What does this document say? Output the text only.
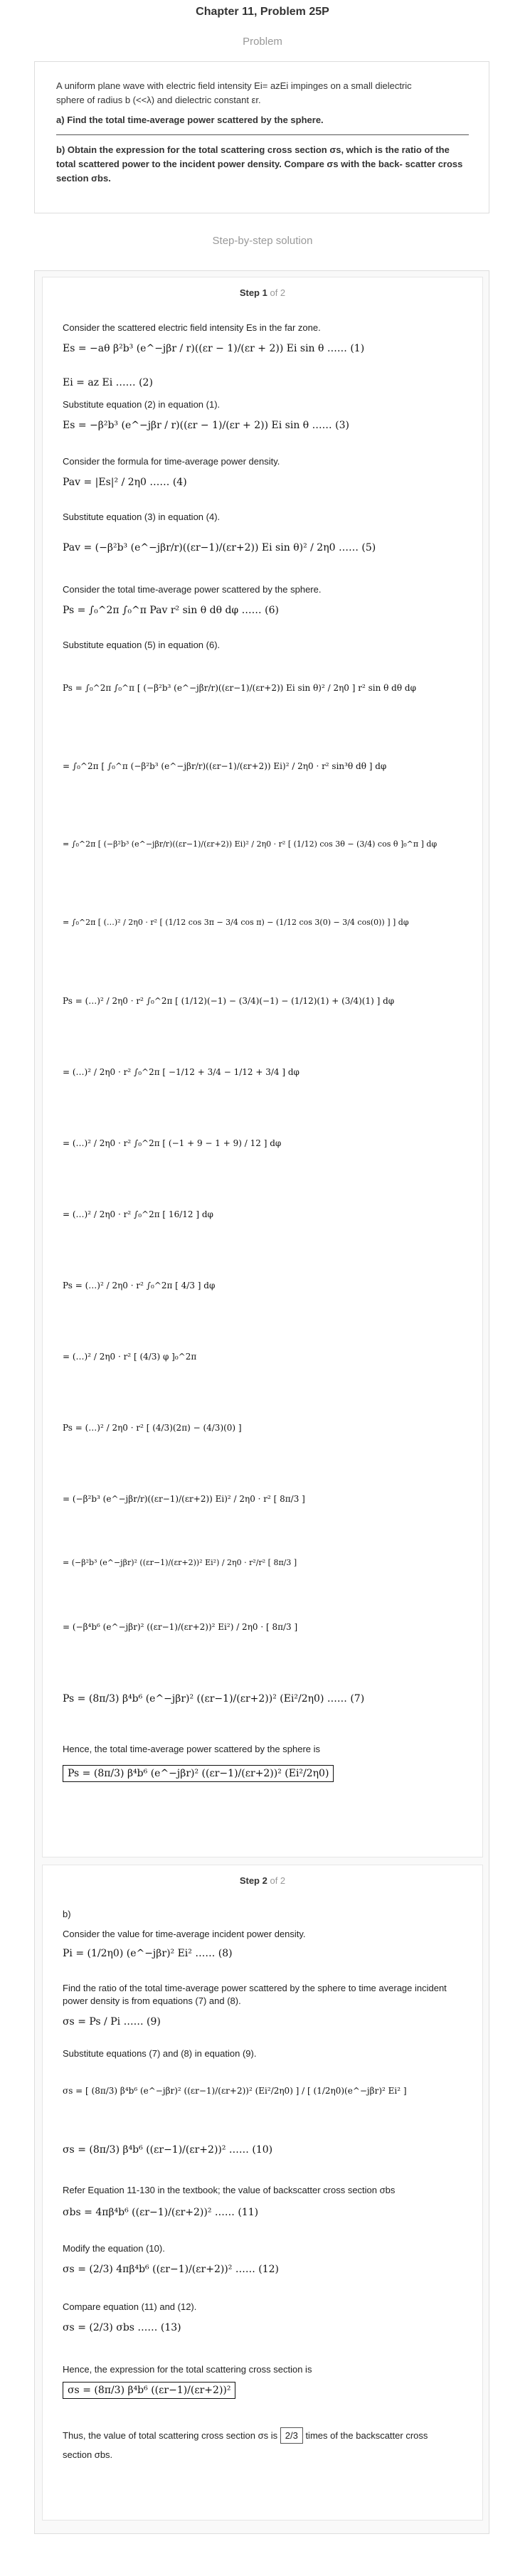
Chapter 11, Problem 25P
Problem
A uniform plane wave with electric field intensity Ei= azEi impinges on a small dielectric
sphere of radius b (<<λ) and dielectric constant εr.
a) Find the total time-average power scattered by the sphere.
b) Obtain the expression for the total scattering cross section σs, which is the ratio of the
total scattered power to the incident power density. Compare σs with the back- scatter cross
section σbs.
Step-by-step solution
Step 1 of 2
Consider the scattered electric field intensity Es in the far zone.
Es = −aθ β²b³ (e^−jβr / r)((εr − 1)/(εr + 2)) Ei sin θ …… (1)
Ei = az Ei …… (2)
Substitute equation (2) in equation (1).
Es = −β²b³ (e^−jβr / r)((εr − 1)/(εr + 2)) Ei sin θ …… (3)
Consider the formula for time-average power density.
Pav = |Es|² / 2η0 …… (4)
Substitute equation (3) in equation (4).
Pav = (−β²b³ (e^−jβr/r)((εr−1)/(εr+2)) Ei sin θ)² / 2η0 …… (5)
Consider the total time-average power scattered by the sphere.
Ps = ∫₀^2π ∫₀^π Pav r² sin θ dθ dφ …… (6)
Substitute equation (5) in equation (6).
Ps = ∫₀^2π ∫₀^π [ (−β²b³ (e^−jβr/r)((εr−1)/(εr+2)) Ei sin θ)² / 2η0 ] r² sin θ dθ dφ
= ∫₀^2π [ ∫₀^π (−β²b³ (e^−jβr/r)((εr−1)/(εr+2)) Ei)² / 2η0 · r² sin³θ dθ ] dφ
= ∫₀^2π [ (−β²b³ (e^−jβr/r)((εr−1)/(εr+2)) Ei)² / 2η0 · r² [ (1/12) cos 3θ − (3/4) cos θ ]₀^π ] dφ
= ∫₀^2π [ (…)² / 2η0 · r² [ (1/12 cos 3π − 3/4 cos π) − (1/12 cos 3(0) − 3/4 cos(0)) ] ] dφ
Ps = (…)² / 2η0 · r² ∫₀^2π [ (1/12)(−1) − (3/4)(−1) − (1/12)(1) + (3/4)(1) ] dφ
= (…)² / 2η0 · r² ∫₀^2π [ −1/12 + 3/4 − 1/12 + 3/4 ] dφ
= (…)² / 2η0 · r² ∫₀^2π [ (−1 + 9 − 1 + 9) / 12 ] dφ
= (…)² / 2η0 · r² ∫₀^2π [ 16/12 ] dφ
Ps = (…)² / 2η0 · r² ∫₀^2π [ 4/3 ] dφ
= (…)² / 2η0 · r² [ (4/3) φ ]₀^2π
Ps = (…)² / 2η0 · r² [ (4/3)(2π) − (4/3)(0) ]
= (−β²b³ (e^−jβr/r)((εr−1)/(εr+2)) Ei)² / 2η0 · r² [ 8π/3 ]
= (−β²b³ (e^−jβr)² ((εr−1)/(εr+2))² Ei²) / 2η0 · r²/r² [ 8π/3 ]
= (−β⁴b⁶ (e^−jβr)² ((εr−1)/(εr+2))² Ei²) / 2η0 · [ 8π/3 ]
Ps = (8π/3) β⁴b⁶ (e^−jβr)² ((εr−1)/(εr+2))² (Ei²/2η0) …… (7)
Hence, the total time-average power scattered by the sphere is
Ps = (8π/3) β⁴b⁶ (e^−jβr)² ((εr−1)/(εr+2))² (Ei²/2η0)
Step 2 of 2
b)
Consider the value for time-average incident power density.
Pi = (1/2η0) (e^−jβr)² Ei² …… (8)
Find the ratio of the total time-average power scattered by the sphere to time average incident
power density is from equations (7) and (8).
σs = Ps / Pi …… (9)
Substitute equations (7) and (8) in equation (9).
σs = [ (8π/3) β⁴b⁶ (e^−jβr)² ((εr−1)/(εr+2))² (Ei²/2η0) ] / [ (1/2η0)(e^−jβr)² Ei² ]
σs = (8π/3) β⁴b⁶ ((εr−1)/(εr+2))² …… (10)
Refer Equation 11-130 in the textbook; the value of backscatter cross section σbs
σbs = 4πβ⁴b⁶ ((εr−1)/(εr+2))² …… (11)
Modify the equation (10).
σs = (2/3) 4πβ⁴b⁶ ((εr−1)/(εr+2))² …… (12)
Compare equation (11) and (12).
σs = (2/3) σbs …… (13)
Hence, the expression for the total scattering cross section is
σs = (8π/3) β⁴b⁶ ((εr−1)/(εr+2))²
Thus, the value of total scattering cross section σs is 2/3 times of the backscatter cross
section σbs.
